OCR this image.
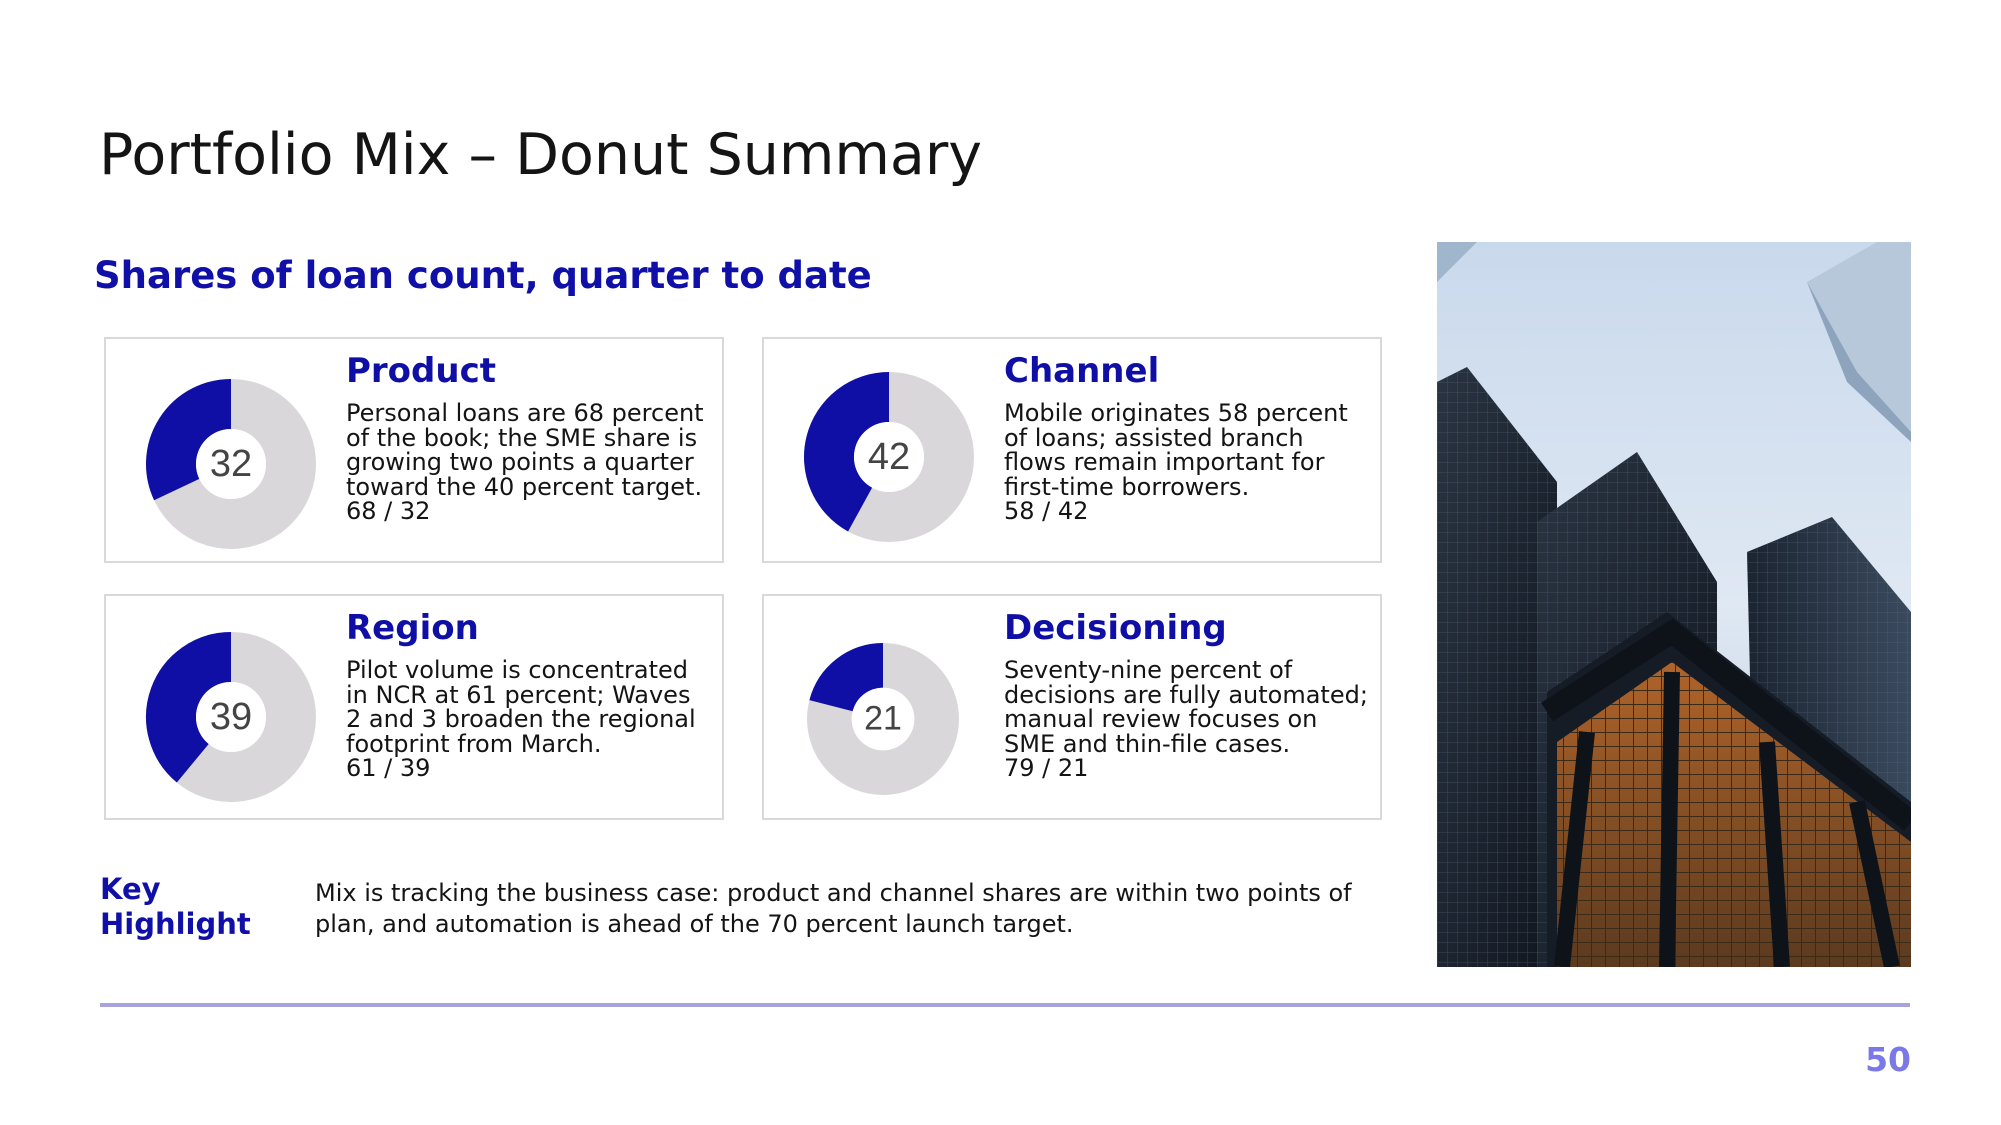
Portfolio Mix – Donut Summary
Shares of loan count, quarter to date
32
Product
Personal loans are 68 percent of the book; the SME share is growing two points a quarter toward the 40 percent target.
68 / 32
42
Channel
Mobile originates 58 percent of loans; assisted branch flows remain important for first-time borrowers.
58 / 42
39
Region
Pilot volume is concentrated in NCR at 61 percent; Waves 2 and 3 broaden the regional footprint from March.
61 / 39
21
Decisioning
Seventy-nine percent of decisions are fully automated; manual review focuses on SME and thin-file cases.
79 / 21
Key Highlight
Mix is tracking the business case: product and channel shares are within two points of plan, and automation is ahead of the 70 percent launch target.
50
